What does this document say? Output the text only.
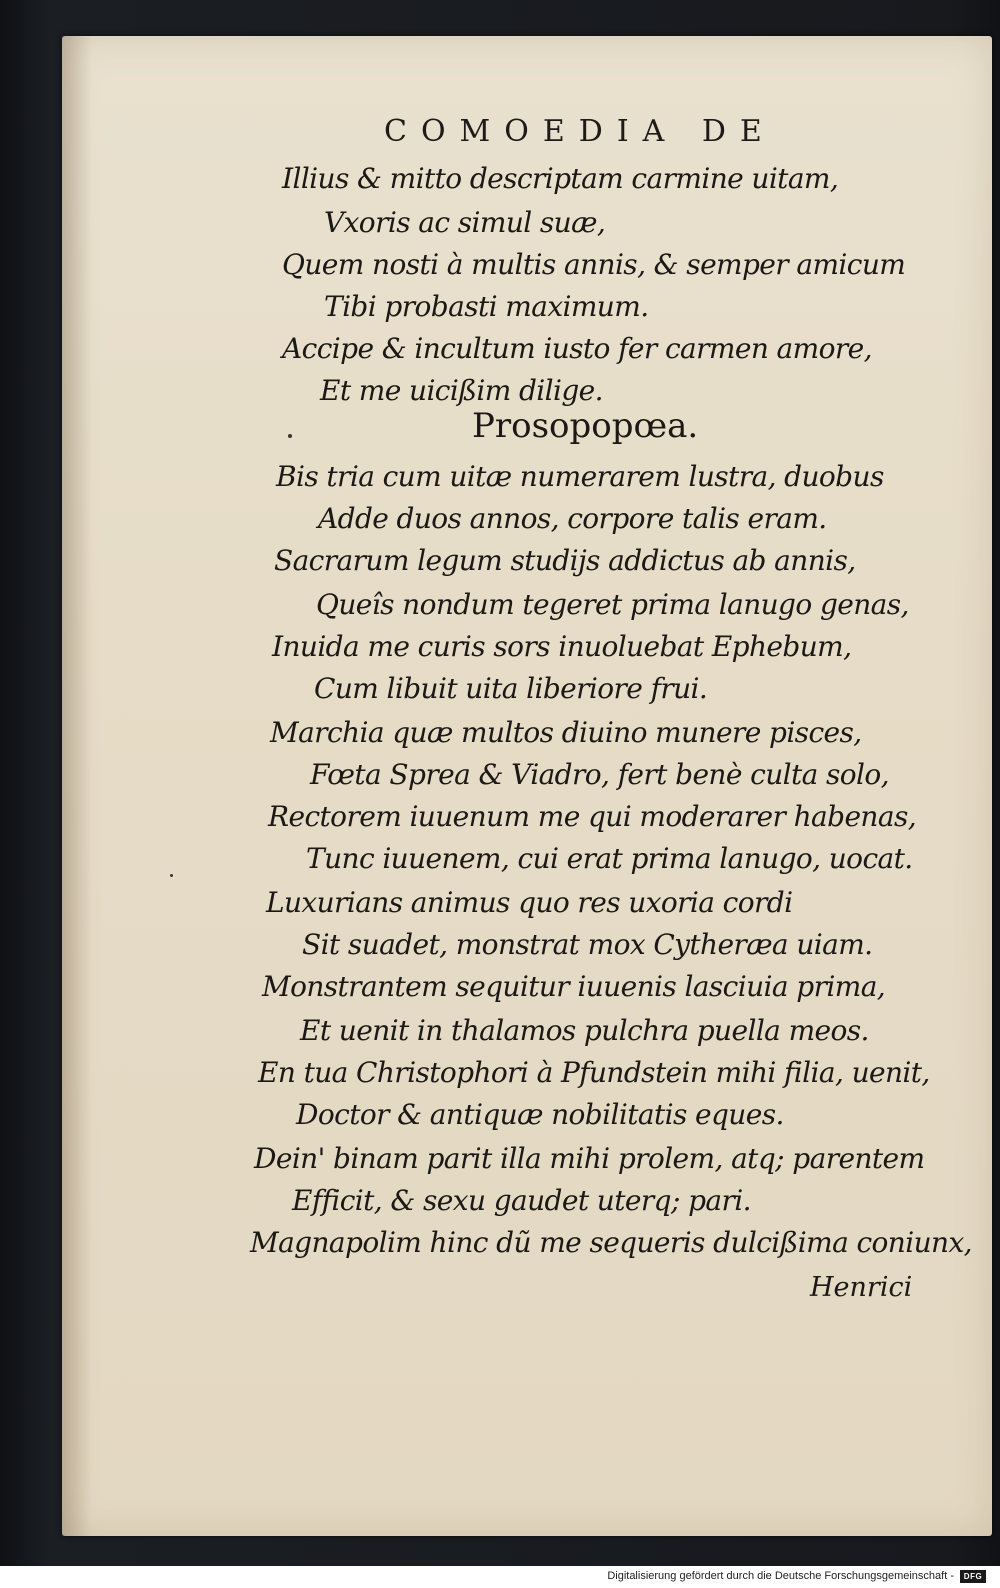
COMOEDIA DE
Illius & mitto descriptam carmine uitam,
Vxoris ac simul suæ,
Quem nosti à multis annis, & semper amicum
Tibi probasti maximum.
Accipe & incultum iusto fer carmen amore,
Et me uicißim dilige.
Prosopopœa.
Bis tria cum uitæ numerarem lustra, duobus
Adde duos annos, corpore talis eram.
Sacrarum legum studijs addictus ab annis,
Queîs nondum tegeret prima lanugo genas,
Inuida me curis sors inuoluebat Ephebum,
Cum libuit uita liberiore frui.
Marchia quæ multos diuino munere pisces,
Fœta Sprea & Viadro, fert benè culta solo,
Rectorem iuuenum me qui moderarer habenas,
Tunc iuuenem, cui erat prima lanugo, uocat.
Luxurians animus quo res uxoria cordi
Sit suadet, monstrat mox Cytheræa uiam.
Monstrantem sequitur iuuenis lasciuia prima,
Et uenit in thalamos pulchra puella meos.
En tua Christophori à Pfundstein mihi filia, uenit,
Doctor & antiquæ nobilitatis eques.
Dein' binam parit illa mihi prolem, atq; parentem
Efficit, & sexu gaudet uterq; pari.
Magnapolim hinc dũ me sequeris dulcißima coniunx,
Henrici
Digitalisierung gefördert durch die Deutsche Forschungsgemeinschaft -	DFG
